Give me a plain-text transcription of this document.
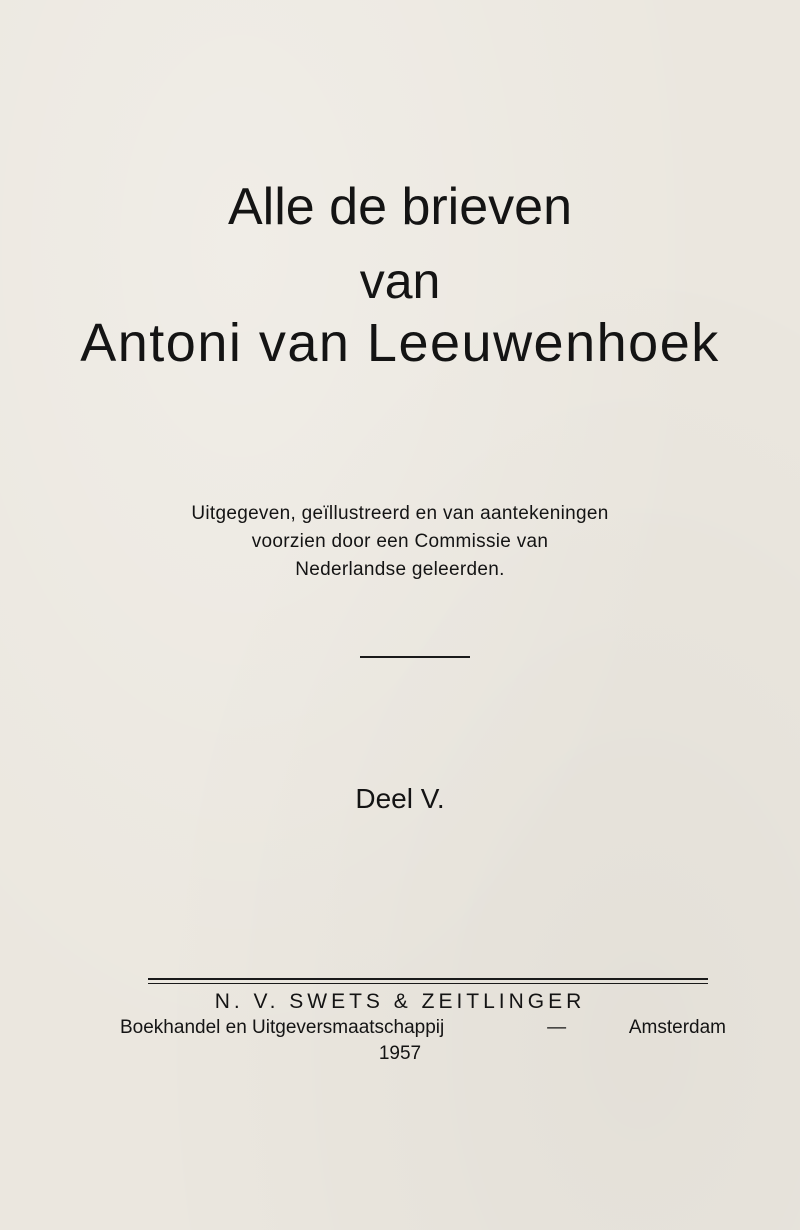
Alle de brieven
van
Antoni van Leeuwenhoek
Uitgegeven, geïllustreerd en van aantekeningen
voorzien door een Commissie van
Nederlandse geleerden.
Deel V.
N. V. SWETS & ZEITLINGER
Boekhandel en Uitgeversmaatschappij	—	Amsterdam
1957
